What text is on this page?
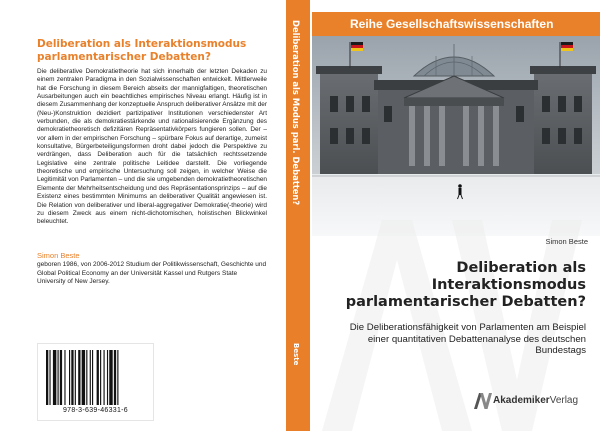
Deliberation als Interaktionsmodus parlamentarischer Debatten?
Die deliberative Demokratietheorie hat sich innerhalb der letzten Dekaden zu einem zentralen Paradigma in den Sozialwissenschaften entwickelt. Mittlerweile hat die Forschung in diesem Bereich abseits der mannigfaltigen, theoretischen Ausarbeitungen auch ein beachtliches empirisches Niveau erlangt. Häufig ist in diesem Zusammenhang der konzeptuelle Anspruch deliberativer Ansätze mit der (Neu-)Konstruktion dezidiert partizipativer Institutionen verschiedenster Art verbunden, die als demokratiestärkende und rationalisierende Ergänzung des demokratietheoretisch defizitären Repräsentativkörpers fungieren sollen. Der – vor allem in der empirischen Forschung – spürbare Fokus auf derartige, zumeist konsultative, Bürgerbeteiligungsformen droht dabei jedoch die Perspektive zu verdrängen, dass Deliberation auch für die tatsächlich rechtssetzende Legislative eine zentrale politische Leitidee darstellt. Die vorliegende theoretische und empirische Untersuchung soll zeigen, in welcher Weise die Legitimität von Parlamenten – und die sie umgebenden demokratietheoretischen Elemente der Mehrheitsentscheidung und des Repräsentationsprinzips – auf die Existenz eines bestimmten Minimums an deliberativer Qualität angewiesen ist. Die Relation von deliberativer und liberal-aggregativer Demokratie(-theorie) wird zu diesem Zweck aus einem nicht-dichotomischen, holistischen Blickwinkel beleuchtet.
Simon Beste
geboren 1986, von 2006-2012 Studium der Politikwissenschaft, Geschichte und Global Political Economy an der Universität Kassel und Rutgers State University of New Jersey.
978-3-639-46331-6
Deliberation als Modus parl. Debatten?
Beste
Reihe Gesellschaftswissenschaften
Simon Beste
Deliberation als Interaktionsmodus parlamentarischer Debatten?
Die Deliberationsfähigkeit von Parlamenten am Beispiel einer quantitativen Debattenanalyse des deutschen Bundestags
AkademikerVerlag
